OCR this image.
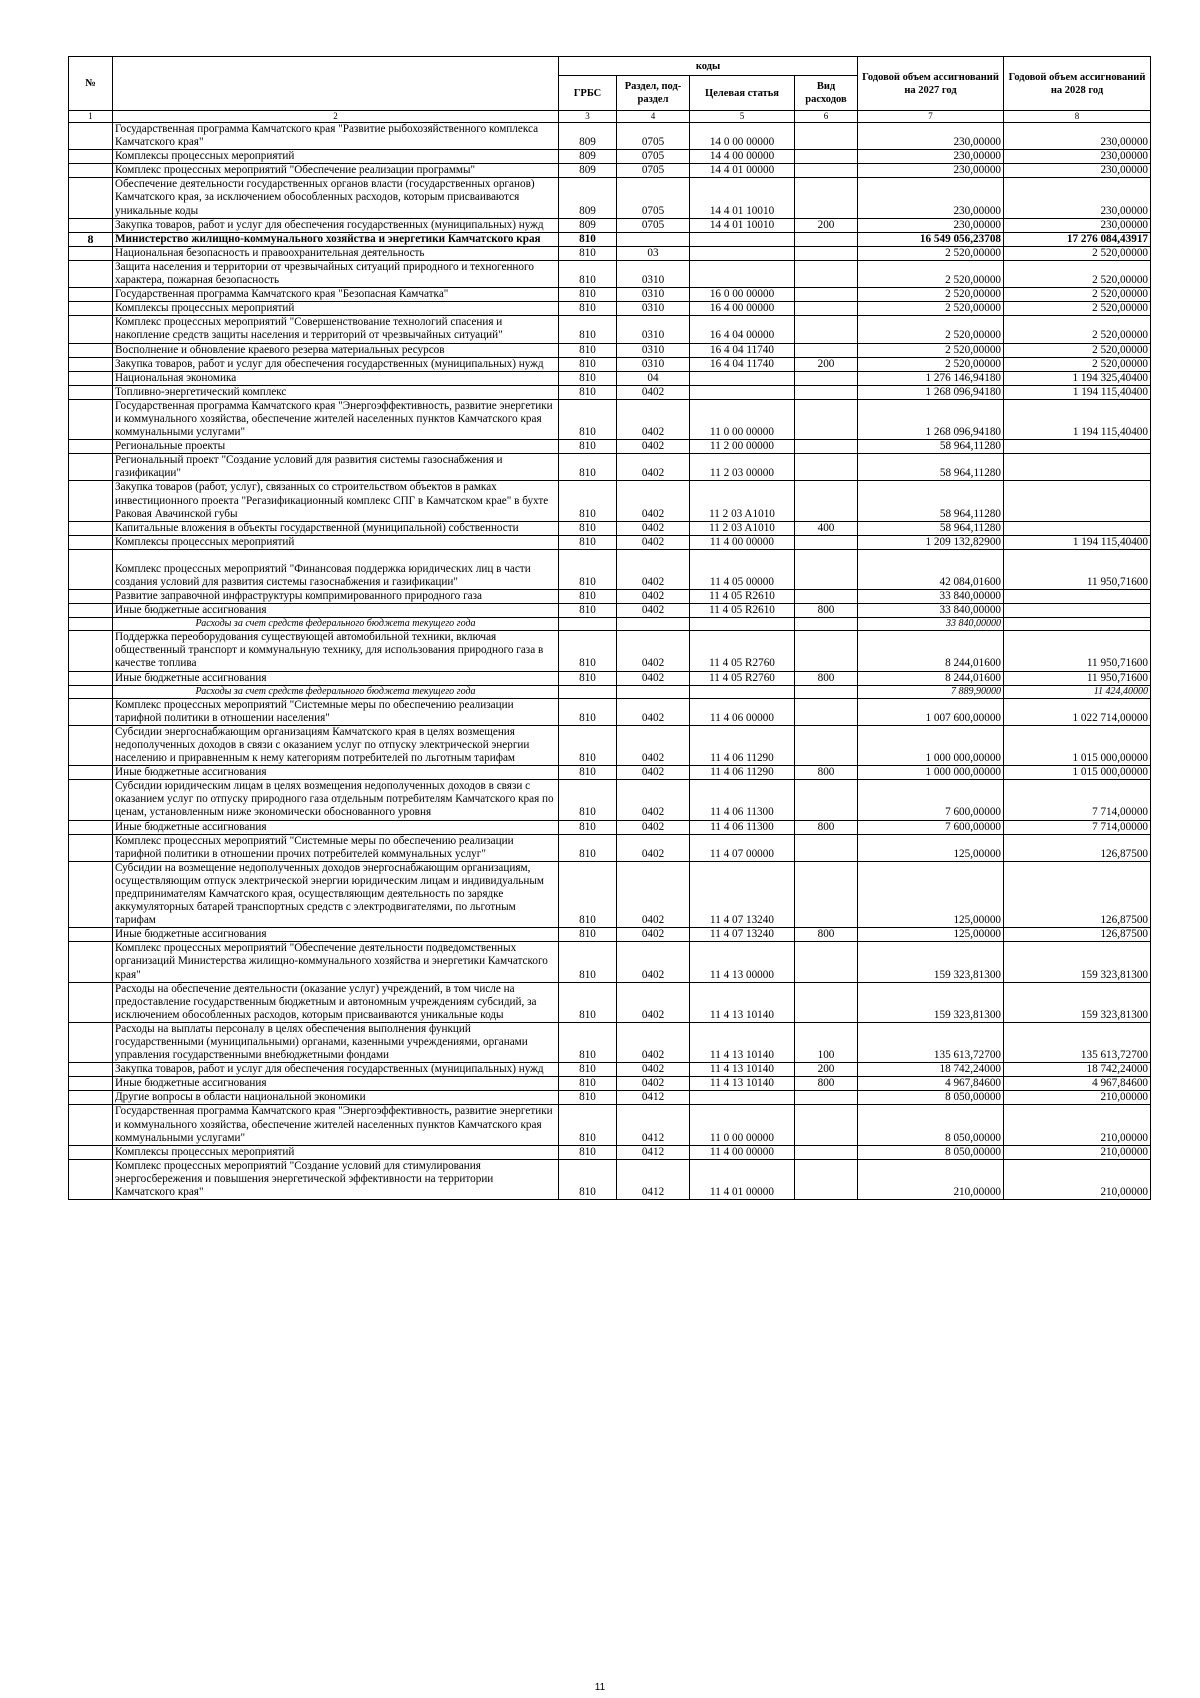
№		коды				Годовой объем ассигнований на 2027 год	Годовой объем ассигнований на 2028 год
		ГРБС	Раздел, под-раздел	Целевая статья	Вид расходов		
1	2	3	4	5	6	7	8
	Государственная программа Камчатского края "Развитие рыбохозяйственного комплекса Камчатского края"	809	0705	14 0 00 00000		230,00000	230,00000
	Комплексы процессных мероприятий	809	0705	14 4 00 00000		230,00000	230,00000
	Комплекс процессных мероприятий "Обеспечение реализации программы"	809	0705	14 4 01 00000		230,00000	230,00000
	Обеспечение деятельности государственных органов власти (государственных органов) Камчатского края, за исключением обособленных расходов, которым присваиваются уникальные коды	809	0705	14 4 01 10010		230,00000	230,00000
	Закупка товаров, работ и услуг для обеспечения государственных (муниципальных) нужд	809	0705	14 4 01 10010	200	230,00000	230,00000
8	Министерство жилищно-коммунального хозяйства и энергетики Камчатского края	810				16 549 056,23708	17 276 084,43917
	Национальная безопасность и правоохранительная деятельность	810	03			2 520,00000	2 520,00000
	Защита населения и территории от чрезвычайных ситуаций природного и техногенного характера, пожарная безопасность	810	0310			2 520,00000	2 520,00000
	Государственная программа Камчатского края "Безопасная Камчатка"	810	0310	16 0 00 00000		2 520,00000	2 520,00000
	Комплексы процессных мероприятий	810	0310	16 4 00 00000		2 520,00000	2 520,00000
	Комплекс процессных мероприятий "Совершенствование технологий спасения и накопление средств защиты населения и территорий от чрезвычайных ситуаций"	810	0310	16 4 04 00000		2 520,00000	2 520,00000
	Восполнение и обновление краевого резерва материальных ресурсов	810	0310	16 4 04 11740		2 520,00000	2 520,00000
	Закупка товаров, работ и услуг для обеспечения государственных (муниципальных) нужд	810	0310	16 4 04 11740	200	2 520,00000	2 520,00000
	Национальная экономика	810	04			1 276 146,94180	1 194 325,40400
	Топливно-энергетический комплекс	810	0402			1 268 096,94180	1 194 115,40400
	Государственная программа Камчатского края "Энергоэффективность, развитие энергетики и коммунального хозяйства, обеспечение жителей населенных пунктов Камчатского края коммунальными услугами"	810	0402	11 0 00 00000		1 268 096,94180	1 194 115,40400
	Региональные проекты	810	0402	11 2 00 00000		58 964,11280	
	Региональный проект "Создание условий для развития системы газоснабжения и газификации"	810	0402	11 2 03 00000		58 964,11280	
	Закупка товаров (работ, услуг), связанных со строительством объектов в рамках инвестиционного проекта "Регазификационный комплекс СПГ в Камчатском крае" в бухте Раковая Авачинской губы	810	0402	11 2 03 A1010		58 964,11280	
	Капитальные вложения в объекты государственной (муниципальной) собственности	810	0402	11 2 03 A1010	400	58 964,11280	
	Комплексы процессных мероприятий	810	0402	11 4 00 00000		1 209 132,82900	1 194 115,40400
	Комплекс процессных мероприятий "Финансовая поддержка юридических лиц в части создания условий для развития системы газоснабжения и газификации"	810	0402	11 4 05 00000		42 084,01600	11 950,71600
	Развитие заправочной инфраструктуры компримированного природного газа	810	0402	11 4 05 R2610		33 840,00000	
	Иные бюджетные ассигнования	810	0402	11 4 05 R2610	800	33 840,00000	
	Расходы за счет средств федерального бюджета текущего года					33 840,00000	
	Поддержка переоборудования существующей автомобильной техники, включая общественный транспорт и коммунальную технику, для использования природного газа в качестве топлива	810	0402	11 4 05 R2760		8 244,01600	11 950,71600
	Иные бюджетные ассигнования	810	0402	11 4 05 R2760	800	8 244,01600	11 950,71600
	Расходы за счет средств федерального бюджета текущего года					7 889,90000	11 424,40000
	Комплекс процессных мероприятий "Системные меры по обеспечению реализации тарифной политики в отношении населения"	810	0402	11 4 06 00000		1 007 600,00000	1 022 714,00000
	Субсидии энергоснабжающим организациям Камчатского края в целях возмещения недополученных доходов в связи с оказанием услуг по отпуску электрической энергии населению и приравненным к нему категориям потребителей по льготным тарифам	810	0402	11 4 06 11290		1 000 000,00000	1 015 000,00000
	Иные бюджетные ассигнования	810	0402	11 4 06 11290	800	1 000 000,00000	1 015 000,00000
	Субсидии юридическим лицам в целях возмещения недополученных доходов в связи с оказанием услуг по отпуску природного газа отдельным потребителям Камчатского края по ценам, установленным ниже экономически обоснованного уровня	810	0402	11 4 06 11300		7 600,00000	7 714,00000
	Иные бюджетные ассигнования	810	0402	11 4 06 11300	800	7 600,00000	7 714,00000
	Комплекс процессных мероприятий "Системные меры по обеспечению реализации тарифной политики в отношении прочих потребителей коммунальных услуг"	810	0402	11 4 07 00000		125,00000	126,87500
	Субсидии на возмещение недополученных доходов энергоснабжающим организациям, осуществляющим отпуск электрической энергии юридическим лицам и индивидуальным предпринимателям Камчатского края, осуществляющим деятельность по зарядке аккумуляторных батарей транспортных средств с электродвигателями, по льготным тарифам	810	0402	11 4 07 13240		125,00000	126,87500
	Иные бюджетные ассигнования	810	0402	11 4 07 13240	800	125,00000	126,87500
	Комплекс процессных мероприятий "Обеспечение деятельности подведомственных организаций Министерства жилищно-коммунального хозяйства и энергетики Камчатского края"	810	0402	11 4 13 00000		159 323,81300	159 323,81300
	Расходы на обеспечение деятельности (оказание услуг) учреждений, в том числе на предоставление государственным бюджетным и автономным учреждениям субсидий, за исключением обособленных расходов, которым присваиваются уникальные коды	810	0402	11 4 13 10140		159 323,81300	159 323,81300
	Расходы на выплаты персоналу в целях обеспечения выполнения функций государственными (муниципальными) органами, казенными учреждениями, органами управления государственными внебюджетными фондами	810	0402	11 4 13 10140	100	135 613,72700	135 613,72700
	Закупка товаров, работ и услуг для обеспечения государственных (муниципальных) нужд	810	0402	11 4 13 10140	200	18 742,24000	18 742,24000
	Иные бюджетные ассигнования	810	0402	11 4 13 10140	800	4 967,84600	4 967,84600
	Другие вопросы в области национальной экономики	810	0412			8 050,00000	210,00000
	Государственная программа Камчатского края "Энергоэффективность, развитие энергетики и коммунального хозяйства, обеспечение жителей населенных пунктов Камчатского края коммунальными услугами"	810	0412	11 0 00 00000		8 050,00000	210,00000
	Комплексы процессных мероприятий	810	0412	11 4 00 00000		8 050,00000	210,00000
	Комплекс процессных мероприятий "Создание условий для стимулирования энергосбережения и повышения энергетической эффективности на территории Камчатского края"	810	0412	11 4 01 00000		210,00000	210,00000
11
